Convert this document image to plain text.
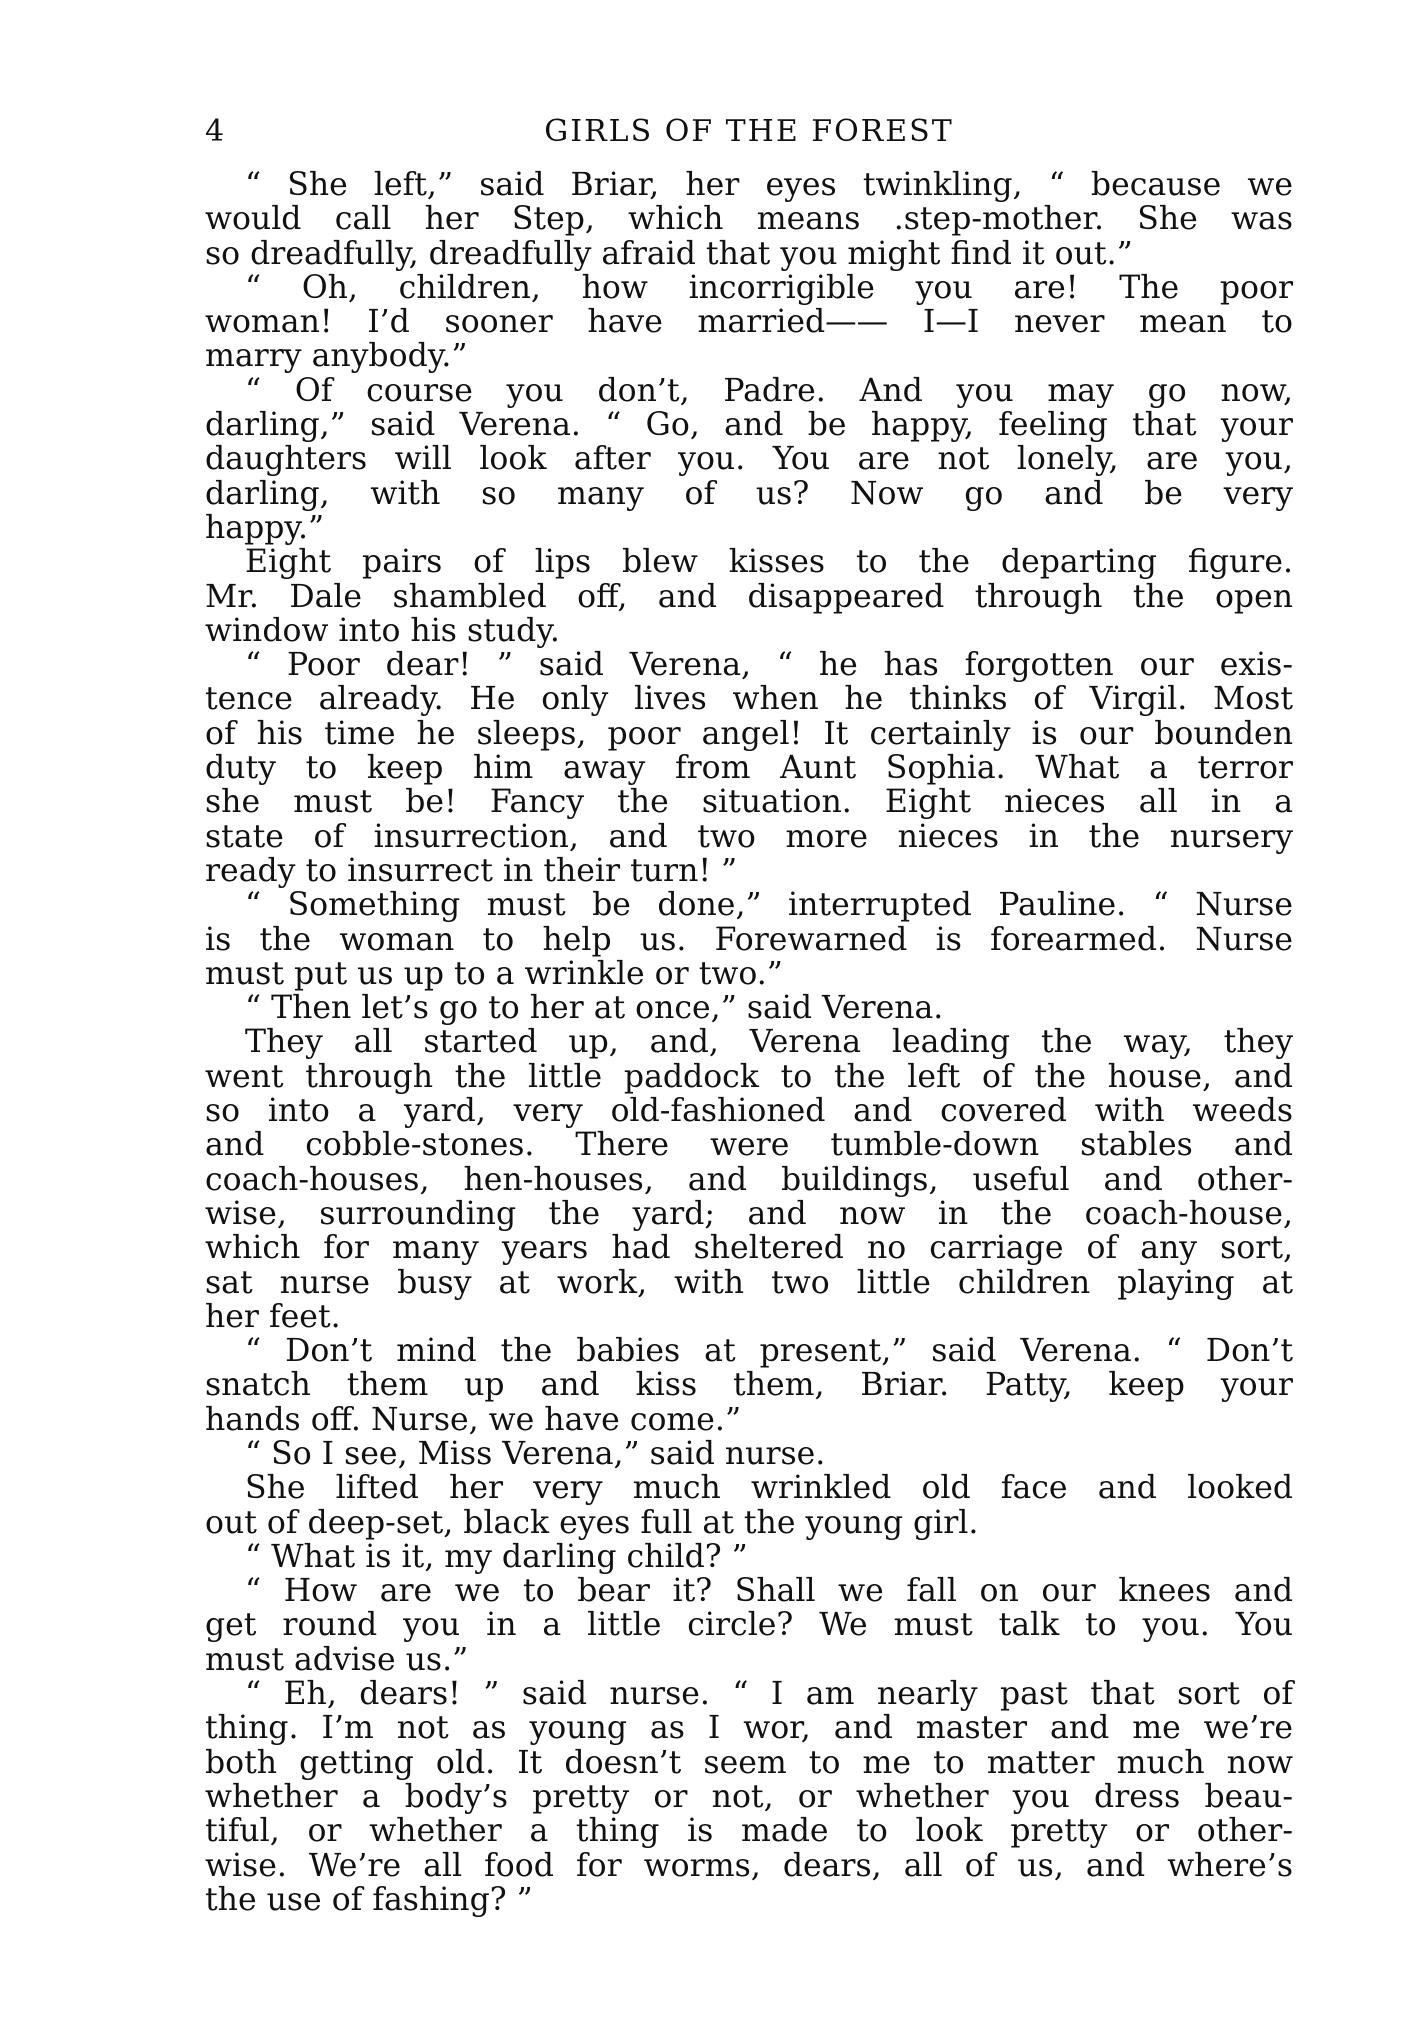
4	GIRLS OF THE FOREST
“ She left,” said Briar, her eyes twinkling, “ because we
would call her Step, which means .step-mother. She was
so dreadfully, dreadfully afraid that you might find it out.”
“ Oh, children, how incorrigible you are! The poor
woman! I’d sooner have married—— I—I never mean to
marry anybody.”
“ Of course you don’t, Padre. And you may go now,
darling,” said Verena. “ Go, and be happy, feeling that your
daughters will look after you. You are not lonely, are you,
darling, with so many of us? Now go and be very
happy.”
Eight pairs of lips blew kisses to the departing figure.
Mr. Dale shambled off, and disappeared through the open
window into his study.
“ Poor dear! ” said Verena, “ he has forgotten our exis-
tence already. He only lives when he thinks of Virgil. Most
of his time he sleeps, poor angel! It certainly is our bounden
duty to keep him away from Aunt Sophia. What a terror
she must be! Fancy the situation. Eight nieces all in a
state of insurrection, and two more nieces in the nursery
ready to insurrect in their turn! ”
“ Something must be done,” interrupted Pauline. “ Nurse
is the woman to help us. Forewarned is forearmed. Nurse
must put us up to a wrinkle or two.”
“ Then let’s go to her at once,” said Verena.
They all started up, and, Verena leading the way, they
went through the little paddock to the left of the house, and
so into a yard, very old-fashioned and covered with weeds
and cobble-stones. There were tumble-down stables and
coach-houses, hen-houses, and buildings, useful and other-
wise, surrounding the yard; and now in the coach-house,
which for many years had sheltered no carriage of any sort,
sat nurse busy at work, with two little children playing at
her feet.
“ Don’t mind the babies at present,” said Verena. “ Don’t
snatch them up and kiss them, Briar. Patty, keep your
hands off. Nurse, we have come.”
“ So I see, Miss Verena,” said nurse.
She lifted her very much wrinkled old face and looked
out of deep-set, black eyes full at the young girl.
“ What is it, my darling child? ”
“ How are we to bear it? Shall we fall on our knees and
get round you in a little circle? We must talk to you. You
must advise us.”
“ Eh, dears! ” said nurse. “ I am nearly past that sort of
thing. I’m not as young as I wor, and master and me we’re
both getting old. It doesn’t seem to me to matter much now
whether a body’s pretty or not, or whether you dress beau-
tiful, or whether a thing is made to look pretty or other-
wise. We’re all food for worms, dears, all of us, and where’s
the use of fashing? ”
